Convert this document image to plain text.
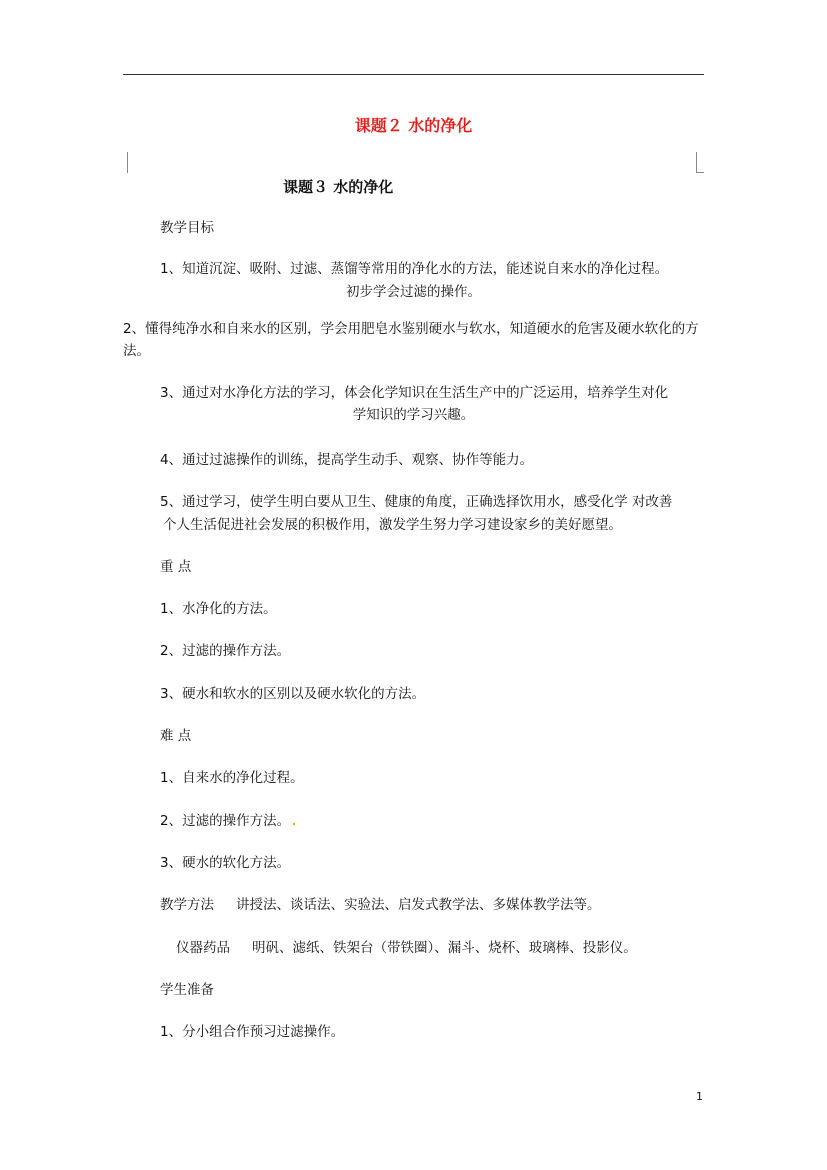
课题２ 水的净化
课题３ 水的净化
教学目标
1、知道沉淀、吸附、过滤、蒸馏等常用的净化水的方法，能述说自来水的净化过程。
初步学会过滤的操作。
2、懂得纯净水和自来水的区别，学会用肥皂水鉴别硬水与软水，知道硬水的危害及硬水软化的方法。
3、通过对水净化方法的学习，体会化学知识在生活生产中的广泛运用，培养学生对化
学知识的学习兴趣。
4、通过过滤操作的训练，提高学生动手、观察、协作等能力。
5、通过学习，使学生明白要从卫生、健康的角度，正确选择饮用水，感受化学 对改善
个人生活促进社会发展的积极作用，激发学生努力学习建设家乡的美好愿望。
重 点
1、水净化的方法。
2、过滤的操作方法。
3、硬水和软水的区别以及硬水软化的方法。
难 点
1、自来水的净化过程。
2、过滤的操作方法。
3、硬水的软化方法。
教学方法 讲授法、谈话法、实验法、启发式教学法、多媒体教学法等。
仪器药品 明矾、滤纸、铁架台（带铁圈）、漏斗、烧杯、玻璃棒、投影仪。
学生准备
1、分小组合作预习过滤操作。
1
